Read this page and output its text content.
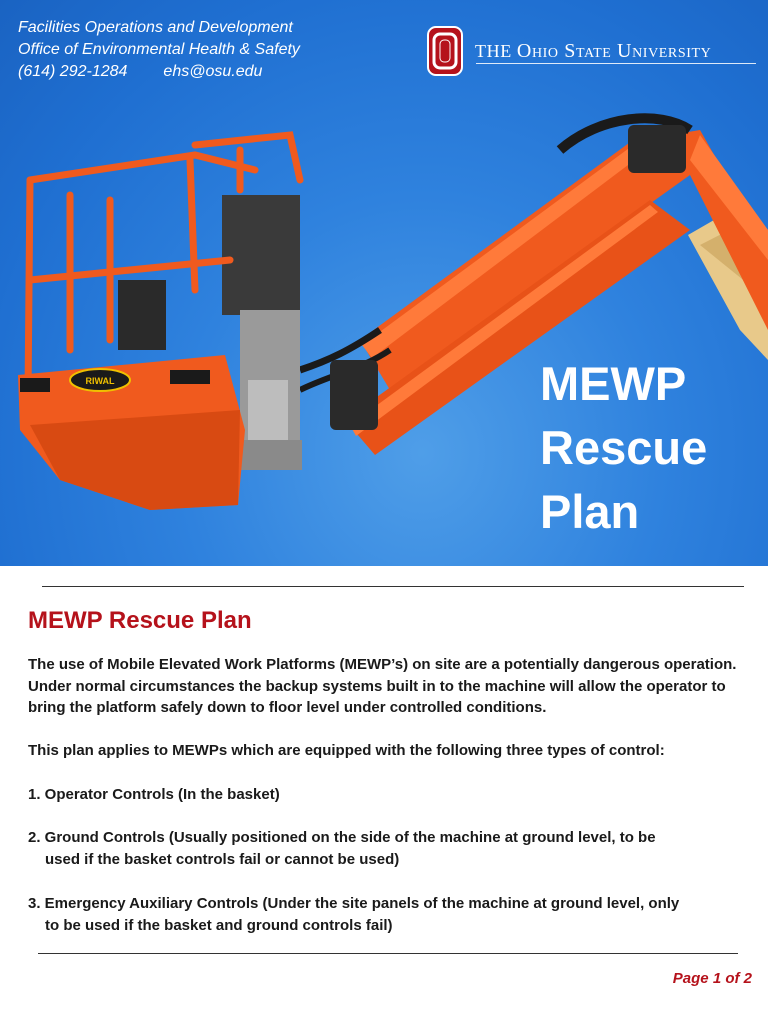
RIWAL
Facilities Operations and Development
Office of Environmental Health & Safety
(614) 292-1284 ehs@osu.edu
THE Ohio State University
MEWP
Rescue
Plan
MEWP Rescue Plan
The use of Mobile Elevated Work Platforms (MEWP’s) on site are a potentially dangerous operation. Under normal circumstances the backup systems built in to the machine will allow the operator to bring the platform safely down to floor level under controlled conditions.
This plan applies to MEWPs which are equipped with the following three types of control:
1. Operator Controls (In the basket)
2. Ground Controls (Usually positioned on the side of the machine at ground level, to be
used if the basket controls fail or cannot be used)
3. Emergency Auxiliary Controls (Under the site panels of the machine at ground level, only
to be used if the basket and ground controls fail)
Page 1 of 2
